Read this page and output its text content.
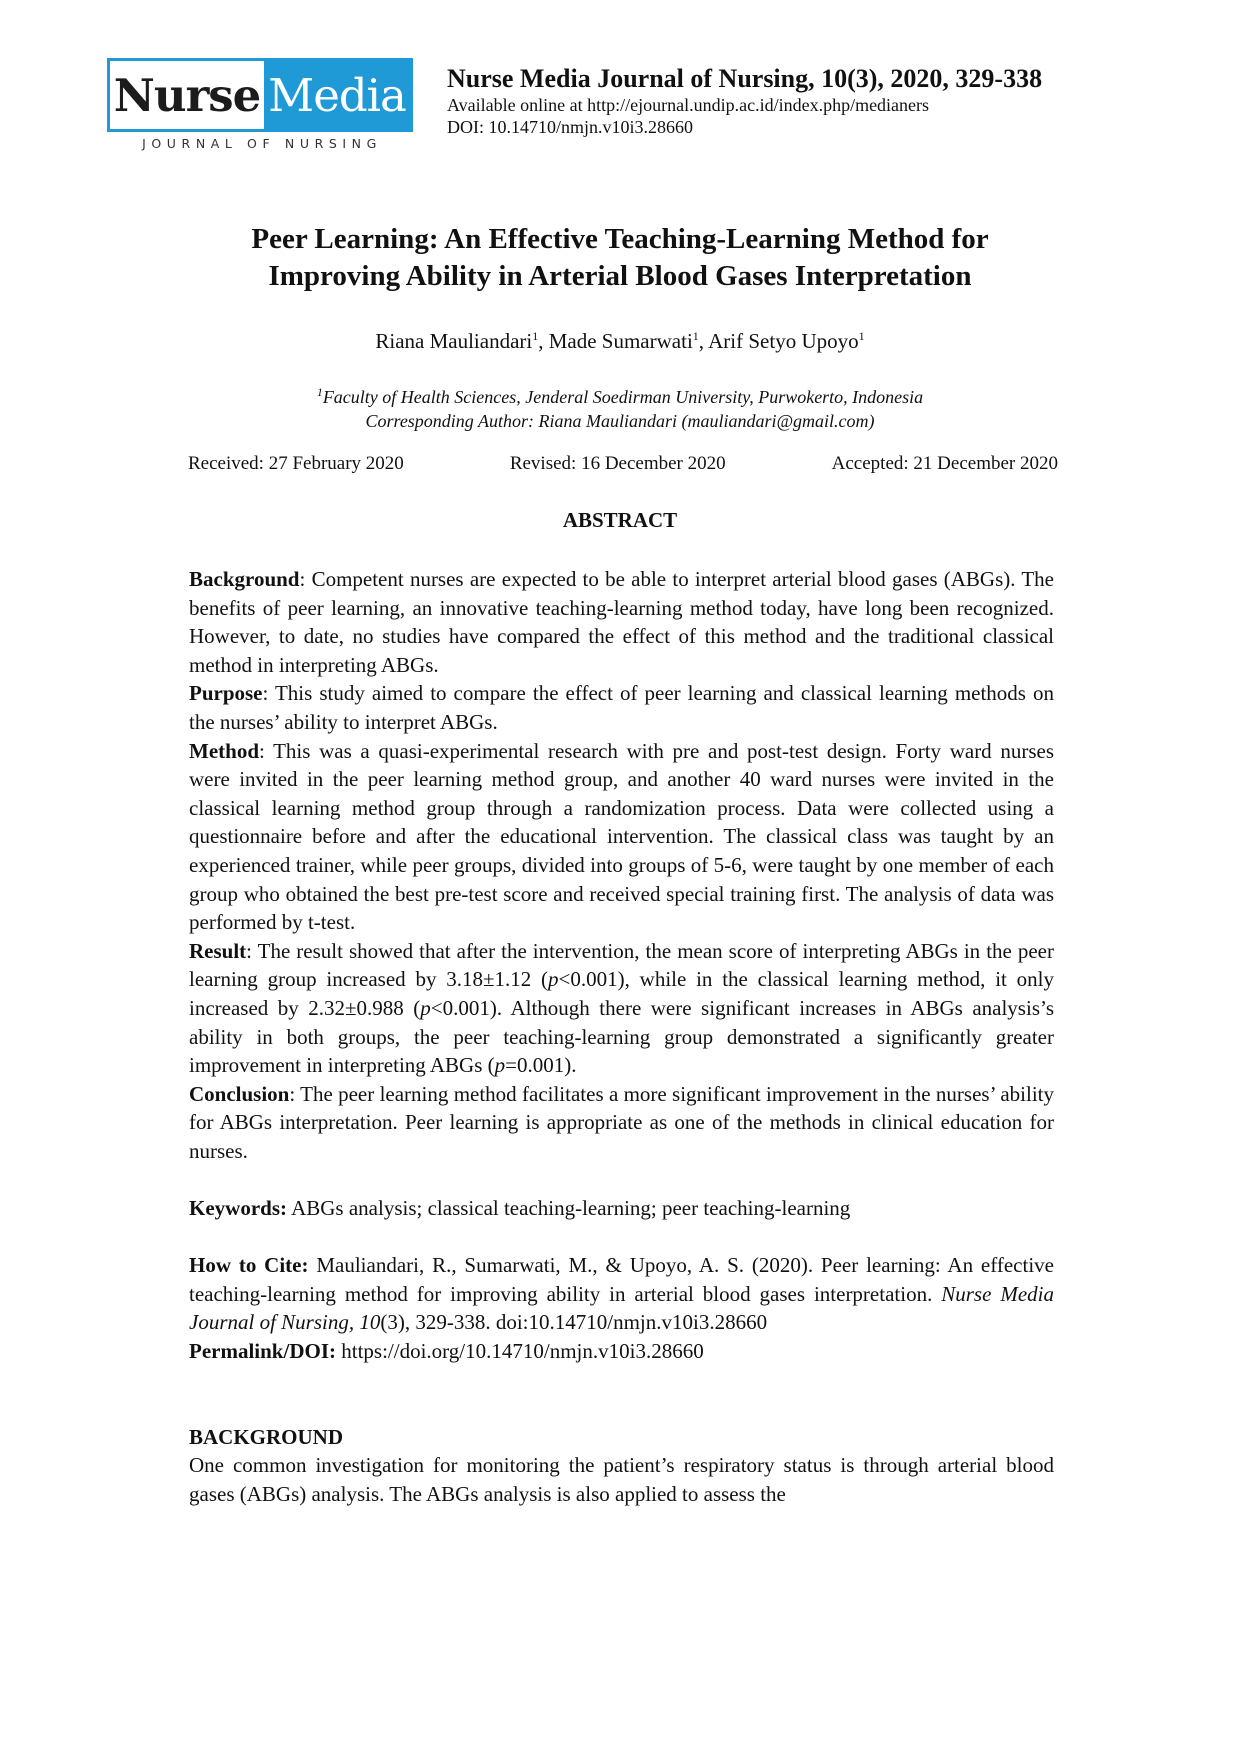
Nurse Media
JOURNAL OF NURSING
Nurse Media Journal of Nursing, 10(3), 2020, 329-338
Available online at http://ejournal.undip.ac.id/index.php/medianers
DOI: 10.14710/nmjn.v10i3.28660
Peer Learning: An Effective Teaching-Learning Method for
Improving Ability in Arterial Blood Gases Interpretation
Riana Mauliandari$^1$, Made Sumarwati$^1$, Arif Setyo Upoyo$^1$
$^1$Faculty of Health Sciences, Jenderal Soedirman University, Purwokerto, Indonesia
Corresponding Author: Riana Mauliandari (mauliandari@gmail.com)
Received: 27 February 2020	Revised: 16 December 2020	Accepted: 21 December 2020
ABSTRACT

Background: Competent nurses are expected to be able to interpret arterial blood gases (ABGs). The benefits of peer learning, an innovative teaching-learning method today, have long been recognized. However, to date, no studies have compared the effect of this method and the traditional classical method in interpreting ABGs.

Purpose: This study aimed to compare the effect of peer learning and classical learning methods on the nurses’ ability to interpret ABGs.

Method: This was a quasi-experimental research with pre and post-test design. Forty ward nurses were invited in the peer learning method group, and another 40 ward nurses were invited in the classical learning method group through a randomization process. Data were collected using a questionnaire before and after the educational intervention. The classical class was taught by an experienced trainer, while peer groups, divided into groups of 5-6, were taught by one member of each group who obtained the best pre-test score and received special training first. The analysis of data was performed by t-test.

Result: The result showed that after the intervention, the mean score of interpreting ABGs in the peer learning group increased by 3.18±1.12 (p<0.001), while in the classical learning method, it only increased by 2.32±0.988 (p<0.001). Although there were significant increases in ABGs analysis’s ability in both groups, the peer teaching-learning group demonstrated a significantly greater improvement in interpreting ABGs (p=0.001).

Conclusion: The peer learning method facilitates a more significant improvement in the nurses’ ability for ABGs interpretation. Peer learning is appropriate as one of the methods in clinical education for nurses.

Keywords: ABGs analysis; classical teaching-learning; peer teaching-learning

How to Cite: Mauliandari, R., Sumarwati, M., & Upoyo, A. S. (2020). Peer learning: An effective teaching-learning method for improving ability in arterial blood gases interpretation. Nurse Media Journal of Nursing, 10(3), 329-338. doi:10.14710/nmjn.v10i3.28660

Permalink/DOI: https://doi.org/10.14710/nmjn.v10i3.28660

BACKGROUND

One common investigation for monitoring the patient’s respiratory status is through arterial blood gases (ABGs) analysis. The ABGs analysis is also applied to assess the
